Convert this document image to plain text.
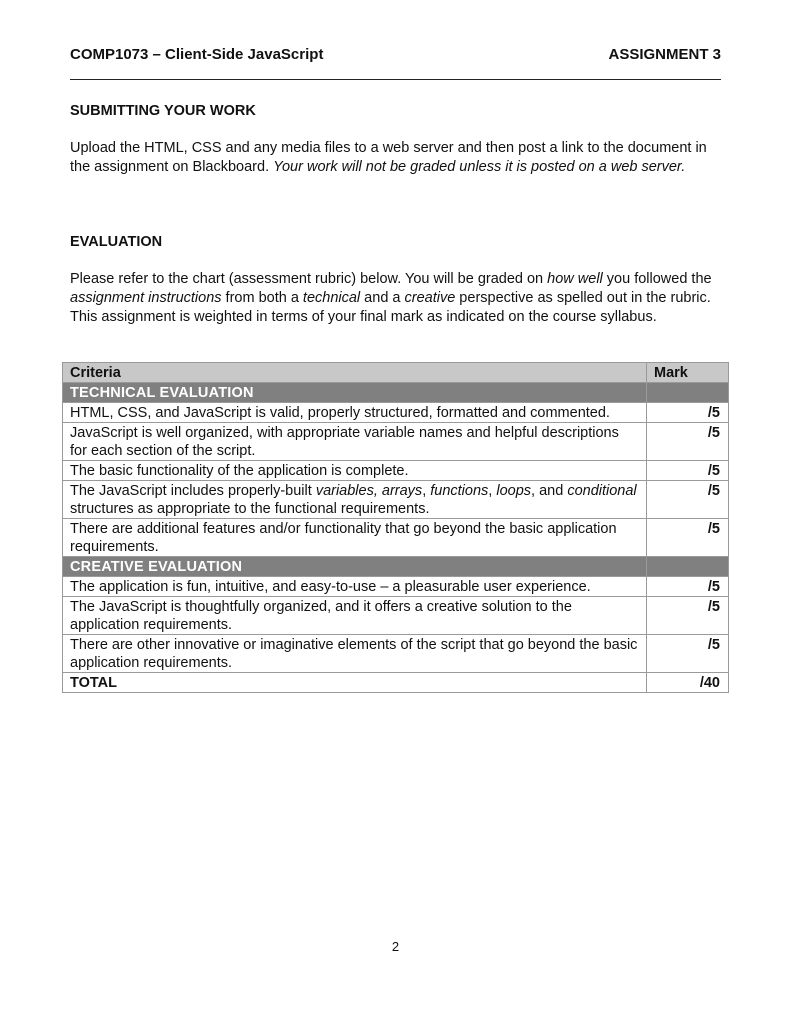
COMP1073 – Client-Side JavaScript	ASSIGNMENT 3
SUBMITTING YOUR WORK
Upload the HTML, CSS and any media files to a web server and then post a link to the document in the assignment on Blackboard. Your work will not be graded unless it is posted on a web server.
EVALUATION
Please refer to the chart (assessment rubric) below. You will be graded on how well you followed the assignment instructions from both a technical and a creative perspective as spelled out in the rubric. This assignment is weighted in terms of your final mark as indicated on the course syllabus.
Criteria	Mark
TECHNICAL EVALUATION	
HTML, CSS, and JavaScript is valid, properly structured, formatted and commented.	/5
JavaScript is well organized, with appropriate variable names and helpful descriptions for each section of the script.	/5
The basic functionality of the application is complete.	/5
The JavaScript includes properly-built variables, arrays, functions, loops, and conditional structures as appropriate to the functional requirements.	/5
There are additional features and/or functionality that go beyond the basic application requirements.	/5
CREATIVE EVALUATION	
The application is fun, intuitive, and easy-to-use – a pleasurable user experience.	/5
The JavaScript is thoughtfully organized, and it offers a creative solution to the application requirements.	/5
There are other innovative or imaginative elements of the script that go beyond the basic application requirements.	/5
TOTAL	/40
2
